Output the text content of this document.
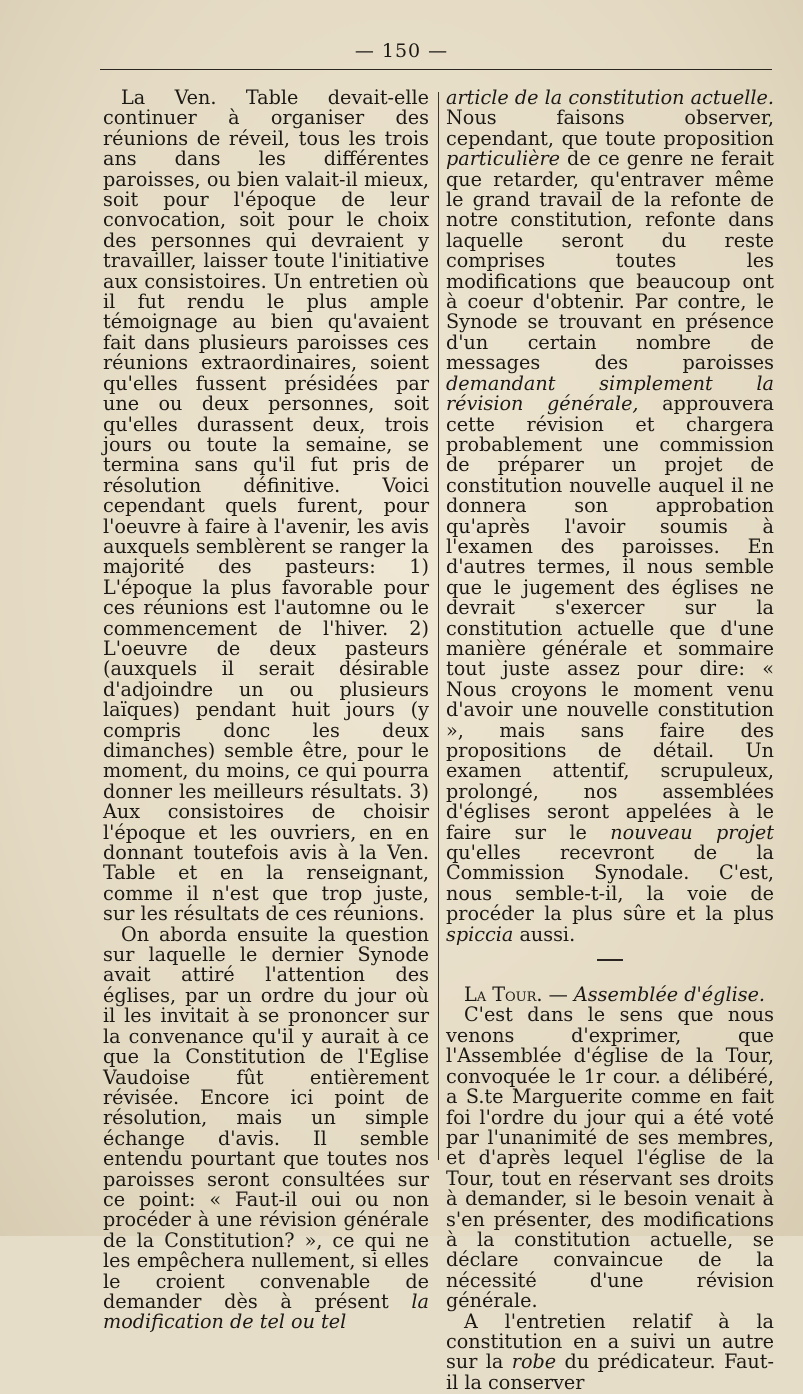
— 150 —

La Ven. Table devait-elle continuer à organiser des réunions de réveil, tous les trois ans dans les différentes paroisses, ou bien valait-il mieux, soit pour l'époque de leur convocation, soit pour le choix des personnes qui devraient y travailler, laisser toute l'initiative aux consistoires. Un entretien où il fut rendu le plus ample témoignage au bien qu'avaient fait dans plusieurs paroisses ces réunions extraordinaires, soient qu'elles fussent présidées par une ou deux personnes, soit qu'elles durassent deux, trois jours ou toute la semaine, se termina sans qu'il fut pris de résolution définitive. Voici cependant quels furent, pour l'oeuvre à faire à l'avenir, les avis auxquels semblèrent se ranger la majorité des pasteurs: 1) L'époque la plus favorable pour ces réunions est l'automne ou le commencement de l'hiver. 2) L'oeuvre de deux pasteurs (auxquels il serait désirable d'adjoindre un ou plusieurs laïques) pendant huit jours (y compris donc les deux dimanches) semble être, pour le moment, du moins, ce qui pourra donner les meilleurs résultats. 3) Aux consistoires de choisir l'époque et les ouvriers, en en donnant toutefois avis à la Ven. Table et en la renseignant, comme il n'est que trop juste, sur les résultats de ces réunions.

On aborda ensuite la question sur laquelle le dernier Synode avait attiré l'attention des églises, par un ordre du jour où il les invitait à se prononcer sur la convenance qu'il y aurait à ce que la Constitution de l'Eglise Vaudoise fût entièrement révisée. Encore ici point de résolution, mais un simple échange d'avis. Il semble entendu pourtant que toutes nos paroisses seront consultées sur ce point: « Faut-il oui ou non procéder à une révision générale de la Constitution? », ce qui ne les empêchera nullement, si elles le croient convenable de demander dès à présent la modification de tel ou tel

article de la constitution actuelle. Nous faisons observer, cependant, que toute proposition particulière de ce genre ne ferait que retarder, qu'entraver même le grand travail de la refonte de notre constitution, refonte dans laquelle seront du reste comprises toutes les modifications que beaucoup ont à coeur d'obtenir. Par contre, le Synode se trouvant en présence d'un certain nombre de messages des paroisses demandant simplement la révision générale, approuvera cette révision et chargera probablement une commission de préparer un projet de constitution nouvelle auquel il ne donnera son approbation qu'après l'avoir soumis à l'examen des paroisses. En d'autres termes, il nous semble que le jugement des églises ne devrait s'exercer sur la constitution actuelle que d'une manière générale et sommaire tout juste assez pour dire: « Nous croyons le moment venu d'avoir une nouvelle constitution », mais sans faire des propositions de détail. Un examen attentif, scrupuleux, prolongé, nos assemblées d'églises seront appelées à le faire sur le nouveau projet qu'elles recevront de la Commission Synodale. C'est, nous semble-t-il, la voie de procéder la plus sûre et la plus spiccia aussi.

La Tour. — Assemblée d'église.

C'est dans le sens que nous venons d'exprimer, que l'Assemblée d'église de la Tour, convoquée le 1r cour. a délibéré, a S.te Marguerite comme en fait foi l'ordre du jour qui a été voté par l'unanimité de ses membres, et d'après lequel l'église de la Tour, tout en réservant ses droits à demander, si le besoin venait à s'en présenter, des modifications à la constitution actuelle, se déclare convaincue de la nécessité d'une révision générale.

A l'entretien relatif à la constitution en a suivi un autre sur la robe du prédicateur. Faut-il la conserver
